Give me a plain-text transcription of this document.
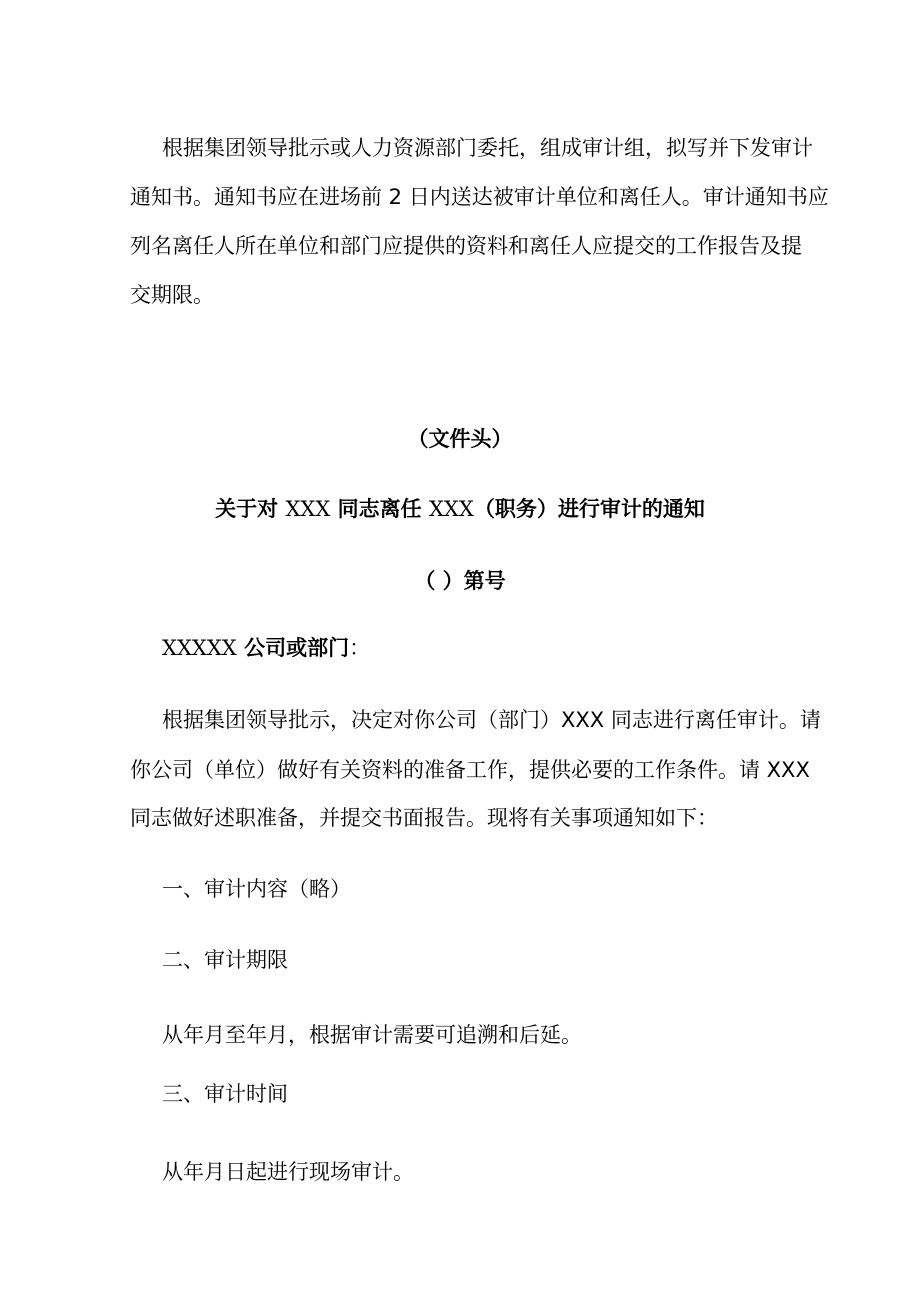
根据集团领导批示或人力资源部门委托，组成审计组，拟写并下发审计
通知书。通知书应在进场前 2 日内送达被审计单位和离任人。审计通知书应
列名离任人所在单位和部门应提供的资料和离任人应提交的工作报告及提
交期限。
（文件头）
关于对 XXX 同志离任 XXX（职务）进行审计的通知
（ ）第号
XXXXX 公司或部门：
根据集团领导批示，决定对你公司（部门）XXX 同志进行离任审计。请
你公司（单位）做好有关资料的准备工作，提供必要的工作条件。请 XXX
同志做好述职准备，并提交书面报告。现将有关事项通知如下：
一、审计内容（略）
二、审计期限
从年月至年月，根据审计需要可追溯和后延。
三、审计时间
从年月日起进行现场审计。
